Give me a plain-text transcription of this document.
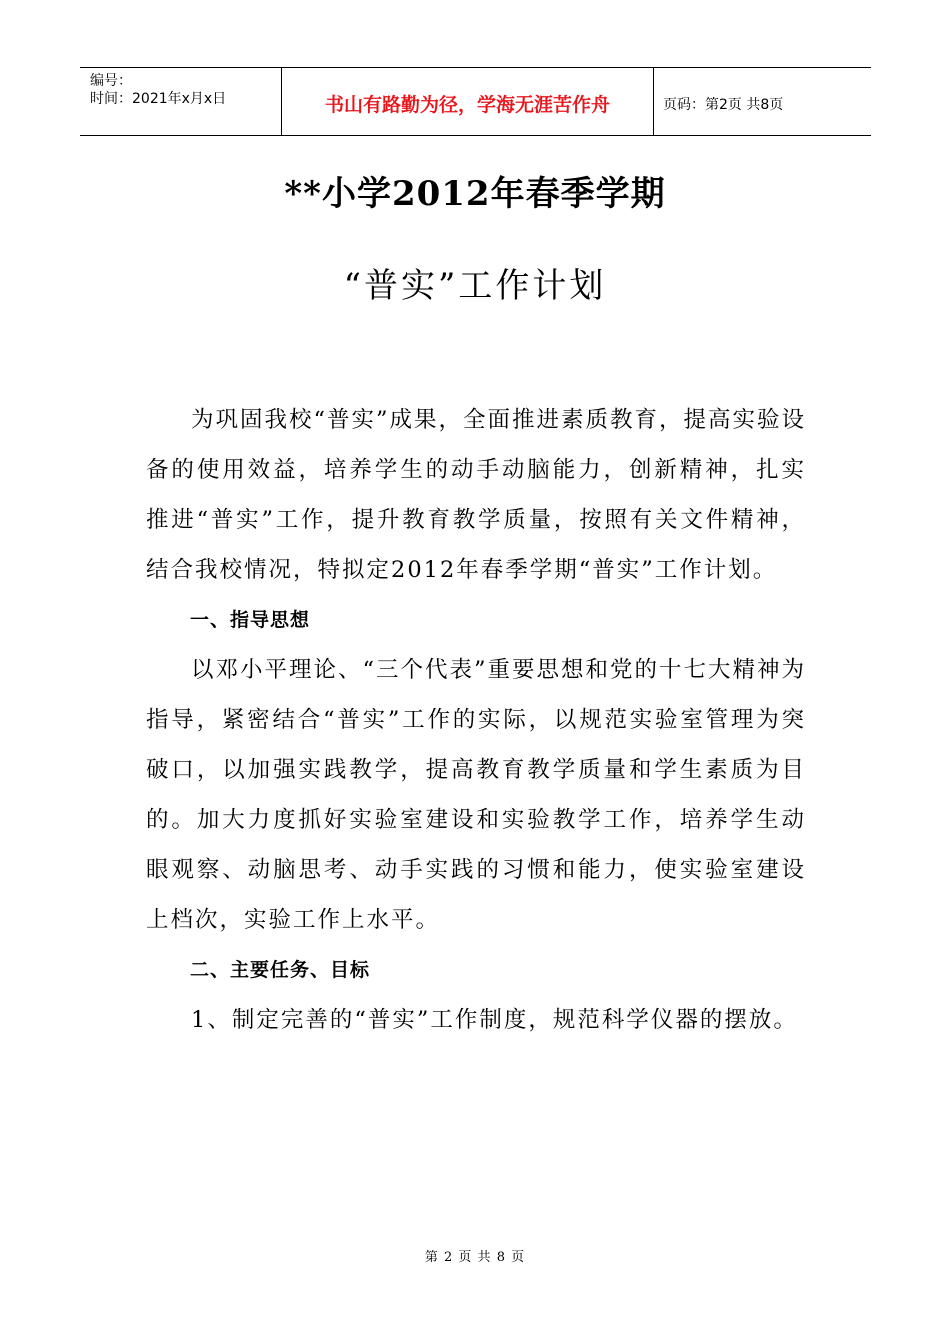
编号：
时间：2021年x月x日	书山有路勤为径，学海无涯苦作舟	页码：第2页 共8页
**小学2012年春季学期
“普实”工作计划

为巩固我校“普实”成果，全面推进素质教育，提高实验设备的使用效益，培养学生的动手动脑能力，创新精神，扎实推进“普实”工作，提升教育教学质量，按照有关文件精神，结合我校情况，特拟定2012年春季学期“普实”工作计划。

一、指导思想

以邓小平理论、“三个代表”重要思想和党的十七大精神为指导，紧密结合“普实”工作的实际，以规范实验室管理为突破口，以加强实践教学，提高教育教学质量和学生素质为目的。加大力度抓好实验室建设和实验教学工作，培养学生动眼观察、动脑思考、动手实践的习惯和能力，使实验室建设上档次，实验工作上水平。

二、主要任务、目标

1、制定完善的“普实”工作制度，规范科学仪器的摆放。

第 2 页 共 8 页
